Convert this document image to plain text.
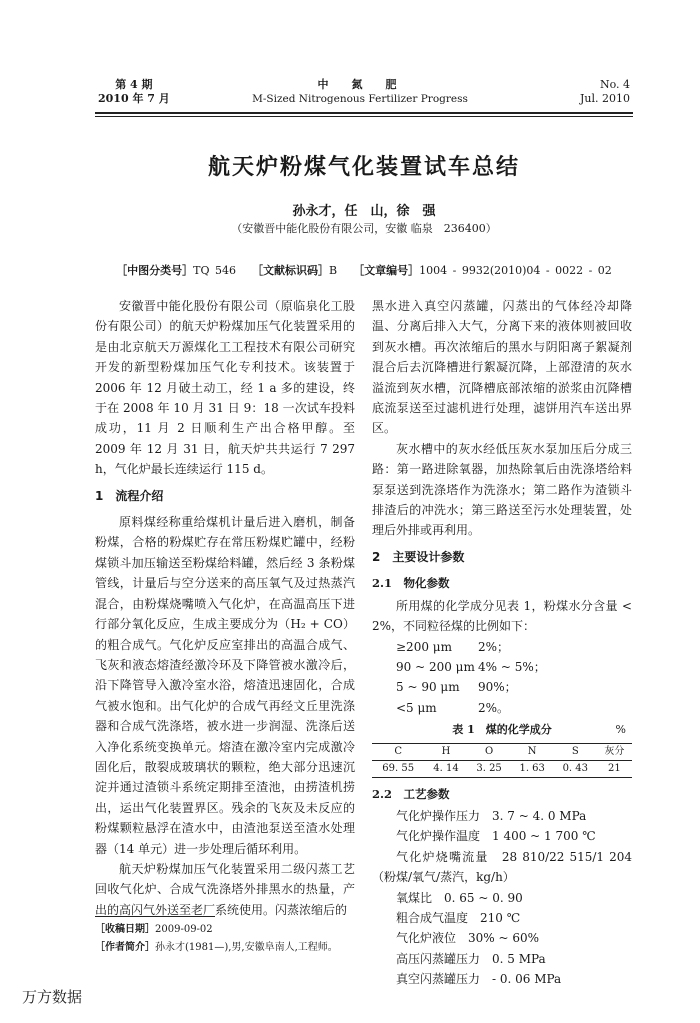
第 4 期
2010 年 7 月
中　氮　肥
M-Sized Nitrogenous Fertilizer Progress
No. 4
Jul. 2010
航天炉粉煤气化装置试车总结
孙永才，任　山，徐　强
（安徽晋中能化股份有限公司，安徽 临泉　236400）
［中图分类号］TQ 546 ［文献标识码］B ［文章编号］1004 - 9932(2010)04 - 0022 - 02

安徽晋中能化股份有限公司（原临泉化工股份有限公司）的航天炉粉煤加压气化装置采用的是由北京航天万源煤化工工程技术有限公司研究开发的新型粉煤加压气化专利技术。该装置于 2006 年 12 月破土动工，经 1 a 多的建设，终于在 2008 年 10 月 31 日 9：18 一次试车投料成功，11 月 2 日顺利生产出合格甲醇。至 2009 年 12 月 31 日，航天炉共共运行 7 297 h，气化炉最长连续运行 115 d。

1　流程介绍

原料煤经称重给煤机计量后进入磨机，制备粉煤，合格的粉煤贮存在常压粉煤贮罐中，经粉煤锁斗加压输送至粉煤给料罐，然后经 3 条粉煤管线，计量后与空分送来的高压氧气及过热蒸汽混合，由粉煤烧嘴喷入气化炉，在高温高压下进行部分氧化反应，生成主要成分为（H₂ + CO）的粗合成气。气化炉反应室排出的高温合成气、飞灰和液态熔渣经激冷环及下降管被水激冷后，沿下降管导入激冷室水浴，熔渣迅速固化，合成气被水饱和。出气化炉的合成气再经文丘里洗涤器和合成气洗涤塔，被水进一步润湿、洗涤后送入净化系统变换单元。熔渣在激冷室内完成激冷固化后，散裂成玻璃状的颗粒，绝大部分迅速沉淀并通过渣锁斗系统定期排至渣池，由捞渣机捞出，运出气化装置界区。残余的飞灰及未反应的粉煤颗粒悬浮在渣水中，由渣池泵送至渣水处理器（14 单元）进一步处理后循环利用。

航天炉粉煤加压气化装置采用二级闪蒸工艺回收气化炉、合成气洗涤塔外排黑水的热量，产出的高闪气外送至老厂系统使用。闪蒸浓缩后的

黑水进入真空闪蒸罐，闪蒸出的气体经冷却降温、分离后排入大气，分离下来的液体则被回收到灰水槽。再次浓缩后的黑水与阴阳离子絮凝剂混合后去沉降槽进行絮凝沉降，上部澄清的灰水溢流到灰水槽，沉降槽底部浓缩的淤浆由沉降槽底流泵送至过滤机进行处理，滤饼用汽车送出界区。

灰水槽中的灰水经低压灰水泵加压后分成三路：第一路进除氧器，加热除氧后由洗涤塔给料泵泵送到洗涤塔作为洗涤水；第二路作为渣锁斗排渣后的冲洗水；第三路送至污水处理装置，处理后外排或再利用。

2　主要设计参数
2.1　物化参数

所用煤的化学成分见表 1，粉煤水分含量 < 2%，不同粒径煤的比例如下：

≥200 μm	2%；
90 ~ 200 μm 4% ~ 5%；
5 ~ 90 μm	90%；
<5 μm	2%。
表 1　煤的化学成分	%
C	H	O	N	S	灰分
69. 55	4. 14	3. 25	1. 63	0. 43	21
2.2　工艺参数
气化炉操作压力　3. 7 ~ 4. 0 MPa
气化炉操作温度　1 400 ~ 1 700 ℃
气化炉烧嘴流量　28 810/22 515/1 204（粉煤/氧气/蒸汽，kg/h）
氧煤比　0. 65 ~ 0. 90
粗合成气温度　210 ℃
气化炉液位　30% ~ 60%
高压闪蒸罐压力　0. 5 MPa
真空闪蒸罐压力　- 0. 06 MPa
［收稿日期］2009-09-02
［作者简介］孙永才(1981—),男,安徽阜南人,工程师。
万方数据
